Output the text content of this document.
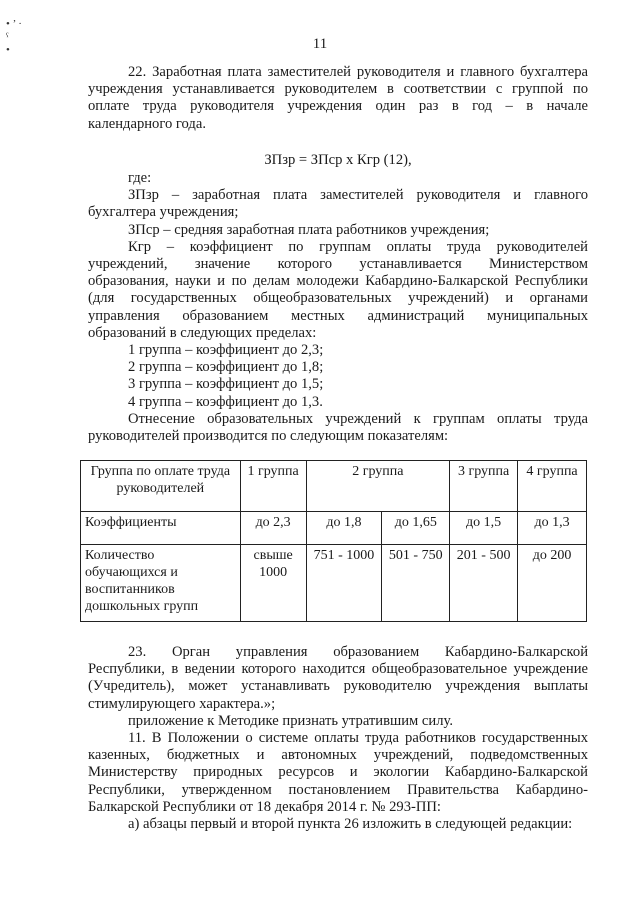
• ’ ·
ˁ
•	11

22. Заработная плата заместителей руководителя и главного бухгалтера

учреждения устанавливается руководителем в соответствии с группой по

оплате труда руководителя учреждения один раз в год – в начале

календарного года.

ЗПзр = ЗПср х Кгр (12),

где:

ЗПзр – заработная плата заместителей руководителя и главного

бухгалтера учреждения;

ЗПср – средняя заработная плата работников учреждения;

Кгр – коэффициент по группам оплаты труда руководителей

учреждений, значение которого устанавливается Министерством

образования, науки и по делам молодежи Кабардино-Балкарской Республики

(для государственных общеобразовательных учреждений) и органами

управления образованием местных администраций муниципальных

образований в следующих пределах:

1 группа – коэффициент до 2,3;

2 группа – коэффициент до 1,8;

3 группа – коэффициент до 1,5;

4 группа – коэффициент до 1,3.

Отнесение образовательных учреждений к группам оплаты труда

руководителей производится по следующим показателям:

Группа по оплате труда руководителей	1 группа	2 группа		3 группа	4 группа
Коэффициенты	до 2,3	до 1,8	до 1,65	до 1,5	до 1,3
Количество обучающихся и воспитанников дошкольных групп	свыше 1000	751 - 1000	501 - 750	201 - 500	до 200

23. Орган управления образованием Кабардино-Балкарской

Республики, в ведении которого находится общеобразовательное учреждение

(Учредитель), может устанавливать руководителю учреждения выплаты

стимулирующего характера.»;

приложение к Методике признать утратившим силу.

11. В Положении о системе оплаты труда работников государственных

казенных, бюджетных и автономных учреждений, подведомственных

Министерству природных ресурсов и экологии Кабардино-Балкарской

Республики, утвержденном постановлением Правительства Кабардино-

Балкарской Республики от 18 декабря 2014 г. № 293-ПП:

а) абзацы первый и второй пункта 26 изложить в следующей редакции:
